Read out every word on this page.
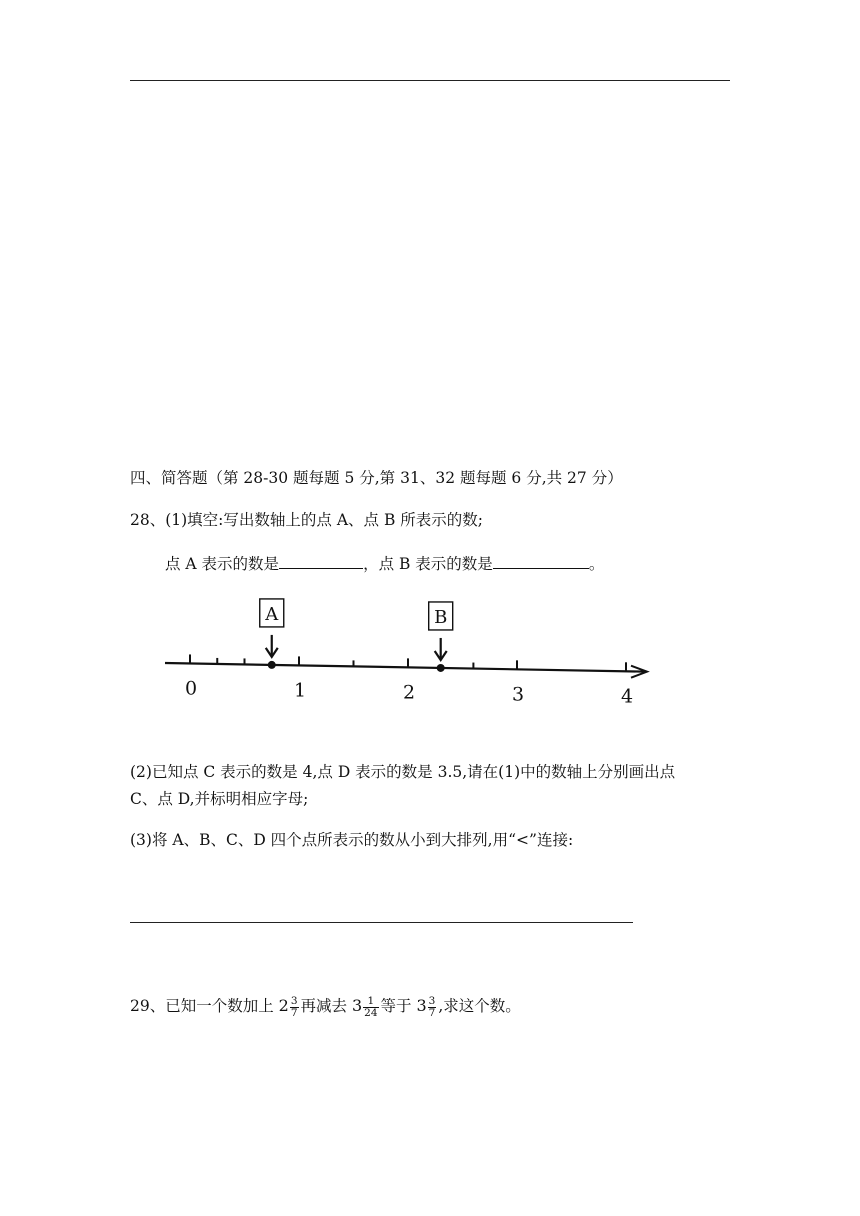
四、简答题（第 28-30 题每题 5 分,第 31、32 题每题 6 分,共 27 分）
28、(1)填空:写出数轴上的点 A、点 B 所表示的数;
点 A 表示的数是	，点 B 表示的数是	。
0	1	2	3	4
A	B
(2)已知点 C 表示的数是 4,点 D 表示的数是 3.5,请在(1)中的数轴上分别画出点
C、点 D,并标明相应字母;
(3)将 A、B、C、D 四个点所表示的数从小到大排列,用“<”连接:
29、已知一个数加上 $2 \frac{3}{7}$ 再减去 $3 \frac{1}{24}$ 等于 $3 \frac{3}{7}$ ,求这个数。
